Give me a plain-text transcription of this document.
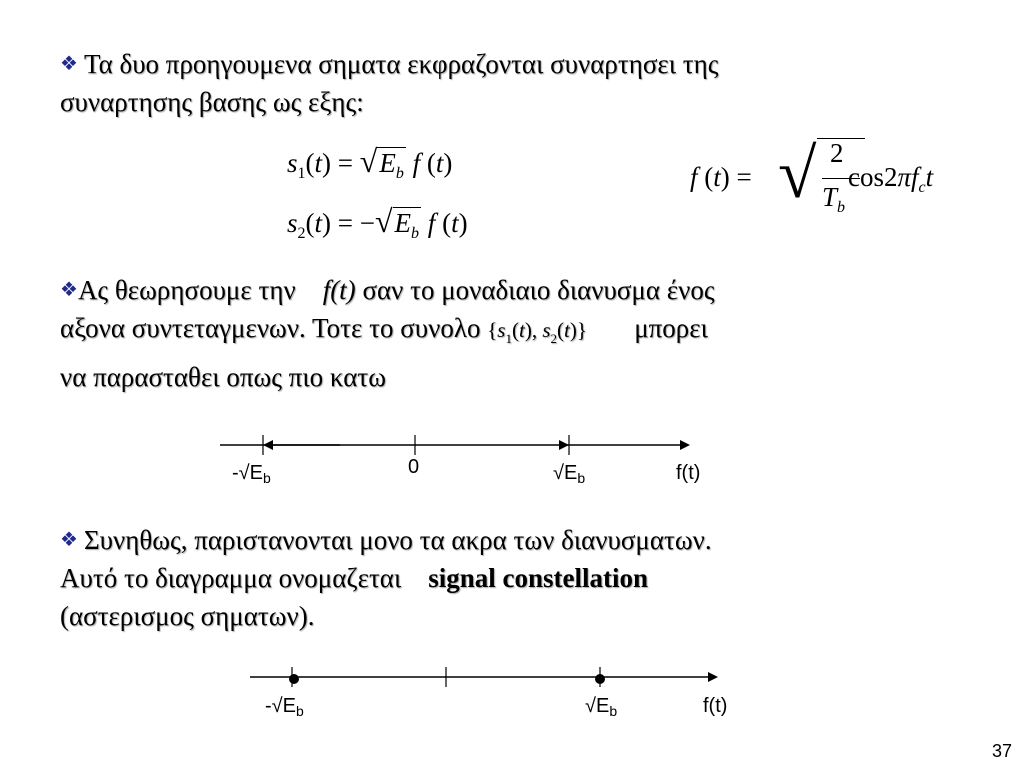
❖ Τα δυο προηγουμενα σηματα εκφραζονται συναρτησει της
συναρτησης βασης ως εξης:
$s_1(t) = √E_b$ f (t)
$s_2(t) = -√E_b$ f (t)
f (t) = √ 2
$T_b$
$\cos 2\pi f_ct$
❖Ας θεωρησουμε την f(t) σαν το μοναδιαιο διανυσμα ένος
αξονα συντεταγμενων. Τοτε το συνολο {$s_1(t)$, $s_2(t)$} μπορει
να παρασταθει οπως πιο κατω
$-√E_b$	0	$√E_b$	f(t)
❖ Συνηθως, παριστανονται μονο τα ακρα των διανυσματων.
Αυτό το διαγραμμα ονομαζεται signal constellation
(αστερισμος σηματων).
$-√E_b$	$√E_b$	f(t)
37
